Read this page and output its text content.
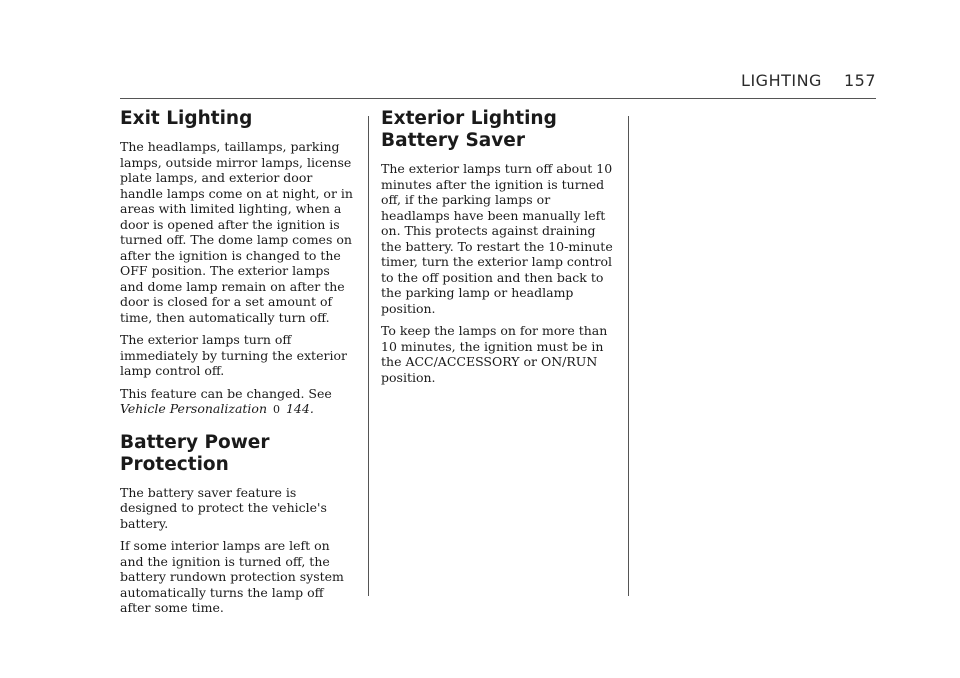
LIGHTING 157
Exit Lighting

The headlamps, taillamps, parking lamps, outside mirror lamps, license plate lamps, and exterior door handle lamps come on at night, or in areas with limited lighting, when a door is opened after the ignition is turned off. The dome lamp comes on after the ignition is changed to the OFF position. The exterior lamps and dome lamp remain on after the door is closed for a set amount of time, then automatically turn off.

The exterior lamps turn off immediately by turning the exterior lamp control off.

This feature can be changed. See
Vehicle Personalization 0 144.

Battery Power Protection

The battery saver feature is designed to protect the vehicle's battery.

If some interior lamps are left on and the ignition is turned off, the battery rundown protection system automatically turns the lamp off after some time.

Exterior Lighting Battery Saver

The exterior lamps turn off about 10 minutes after the ignition is turned off, if the parking lamps or headlamps have been manually left on. This protects against draining the battery. To restart the 10-minute timer, turn the exterior lamp control to the off position and then back to the parking lamp or headlamp position.

To keep the lamps on for more than 10 minutes, the ignition must be in the ACC/ACCESSORY or ON/RUN position.
